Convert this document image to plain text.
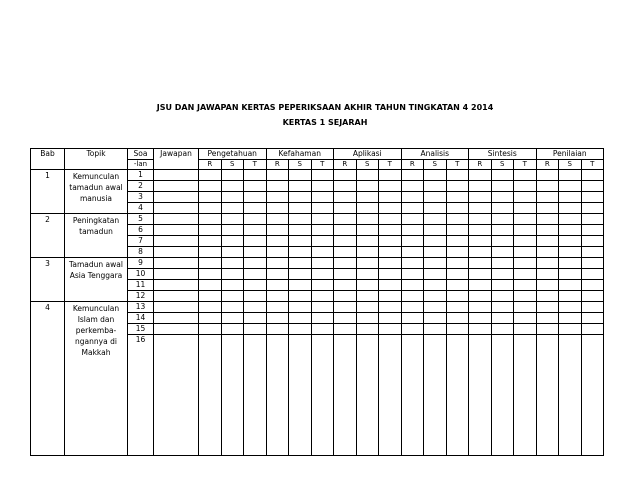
JSU DAN JAWAPAN KERTAS PEPERIKSAAN AKHIR TAHUN TINGKATAN 4 2014
KERTAS 1 SEJARAH
Bab	Topik	Soa	Jawapan	Pengetahuan			Kefahaman			Aplikasi			Analisis			Sintesis			Penilaian		
		-lan		R	S	T	R	S	T	R	S	T	R	S	T	R	S	T	R	S	T
1	Kemunculan tamadun awal manusia	1																			
		2																			
		3																			
		4																			
2	Peningkatan tamadun	5																			
		6																			
		7																			
		8																			
3	Tamadun awal Asia Tenggara	9																			
		10																			
		11																			
		12																			
4	Kemunculan Islam dan perkemba-ngannya di Makkah	13																			
		14																			
		15																			
		16																			
